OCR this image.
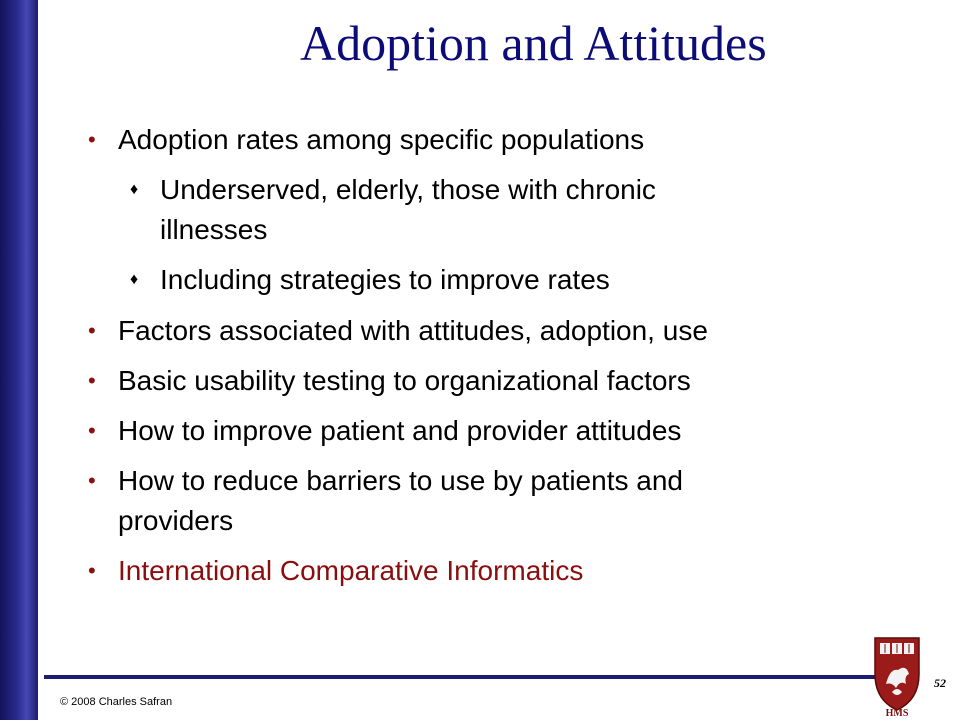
Adoption and Attitudes
• Adoption rates among specific populations
♦ Underserved, elderly, those with chronic
illnesses
♦ Including strategies to improve rates
• Factors associated with attitudes, adoption, use
• Basic usability testing to organizational factors
• How to improve patient and provider attitudes
• How to reduce barriers to use by patients and
providers
• International Comparative Informatics
© 2008 Charles Safran
52
HMS
